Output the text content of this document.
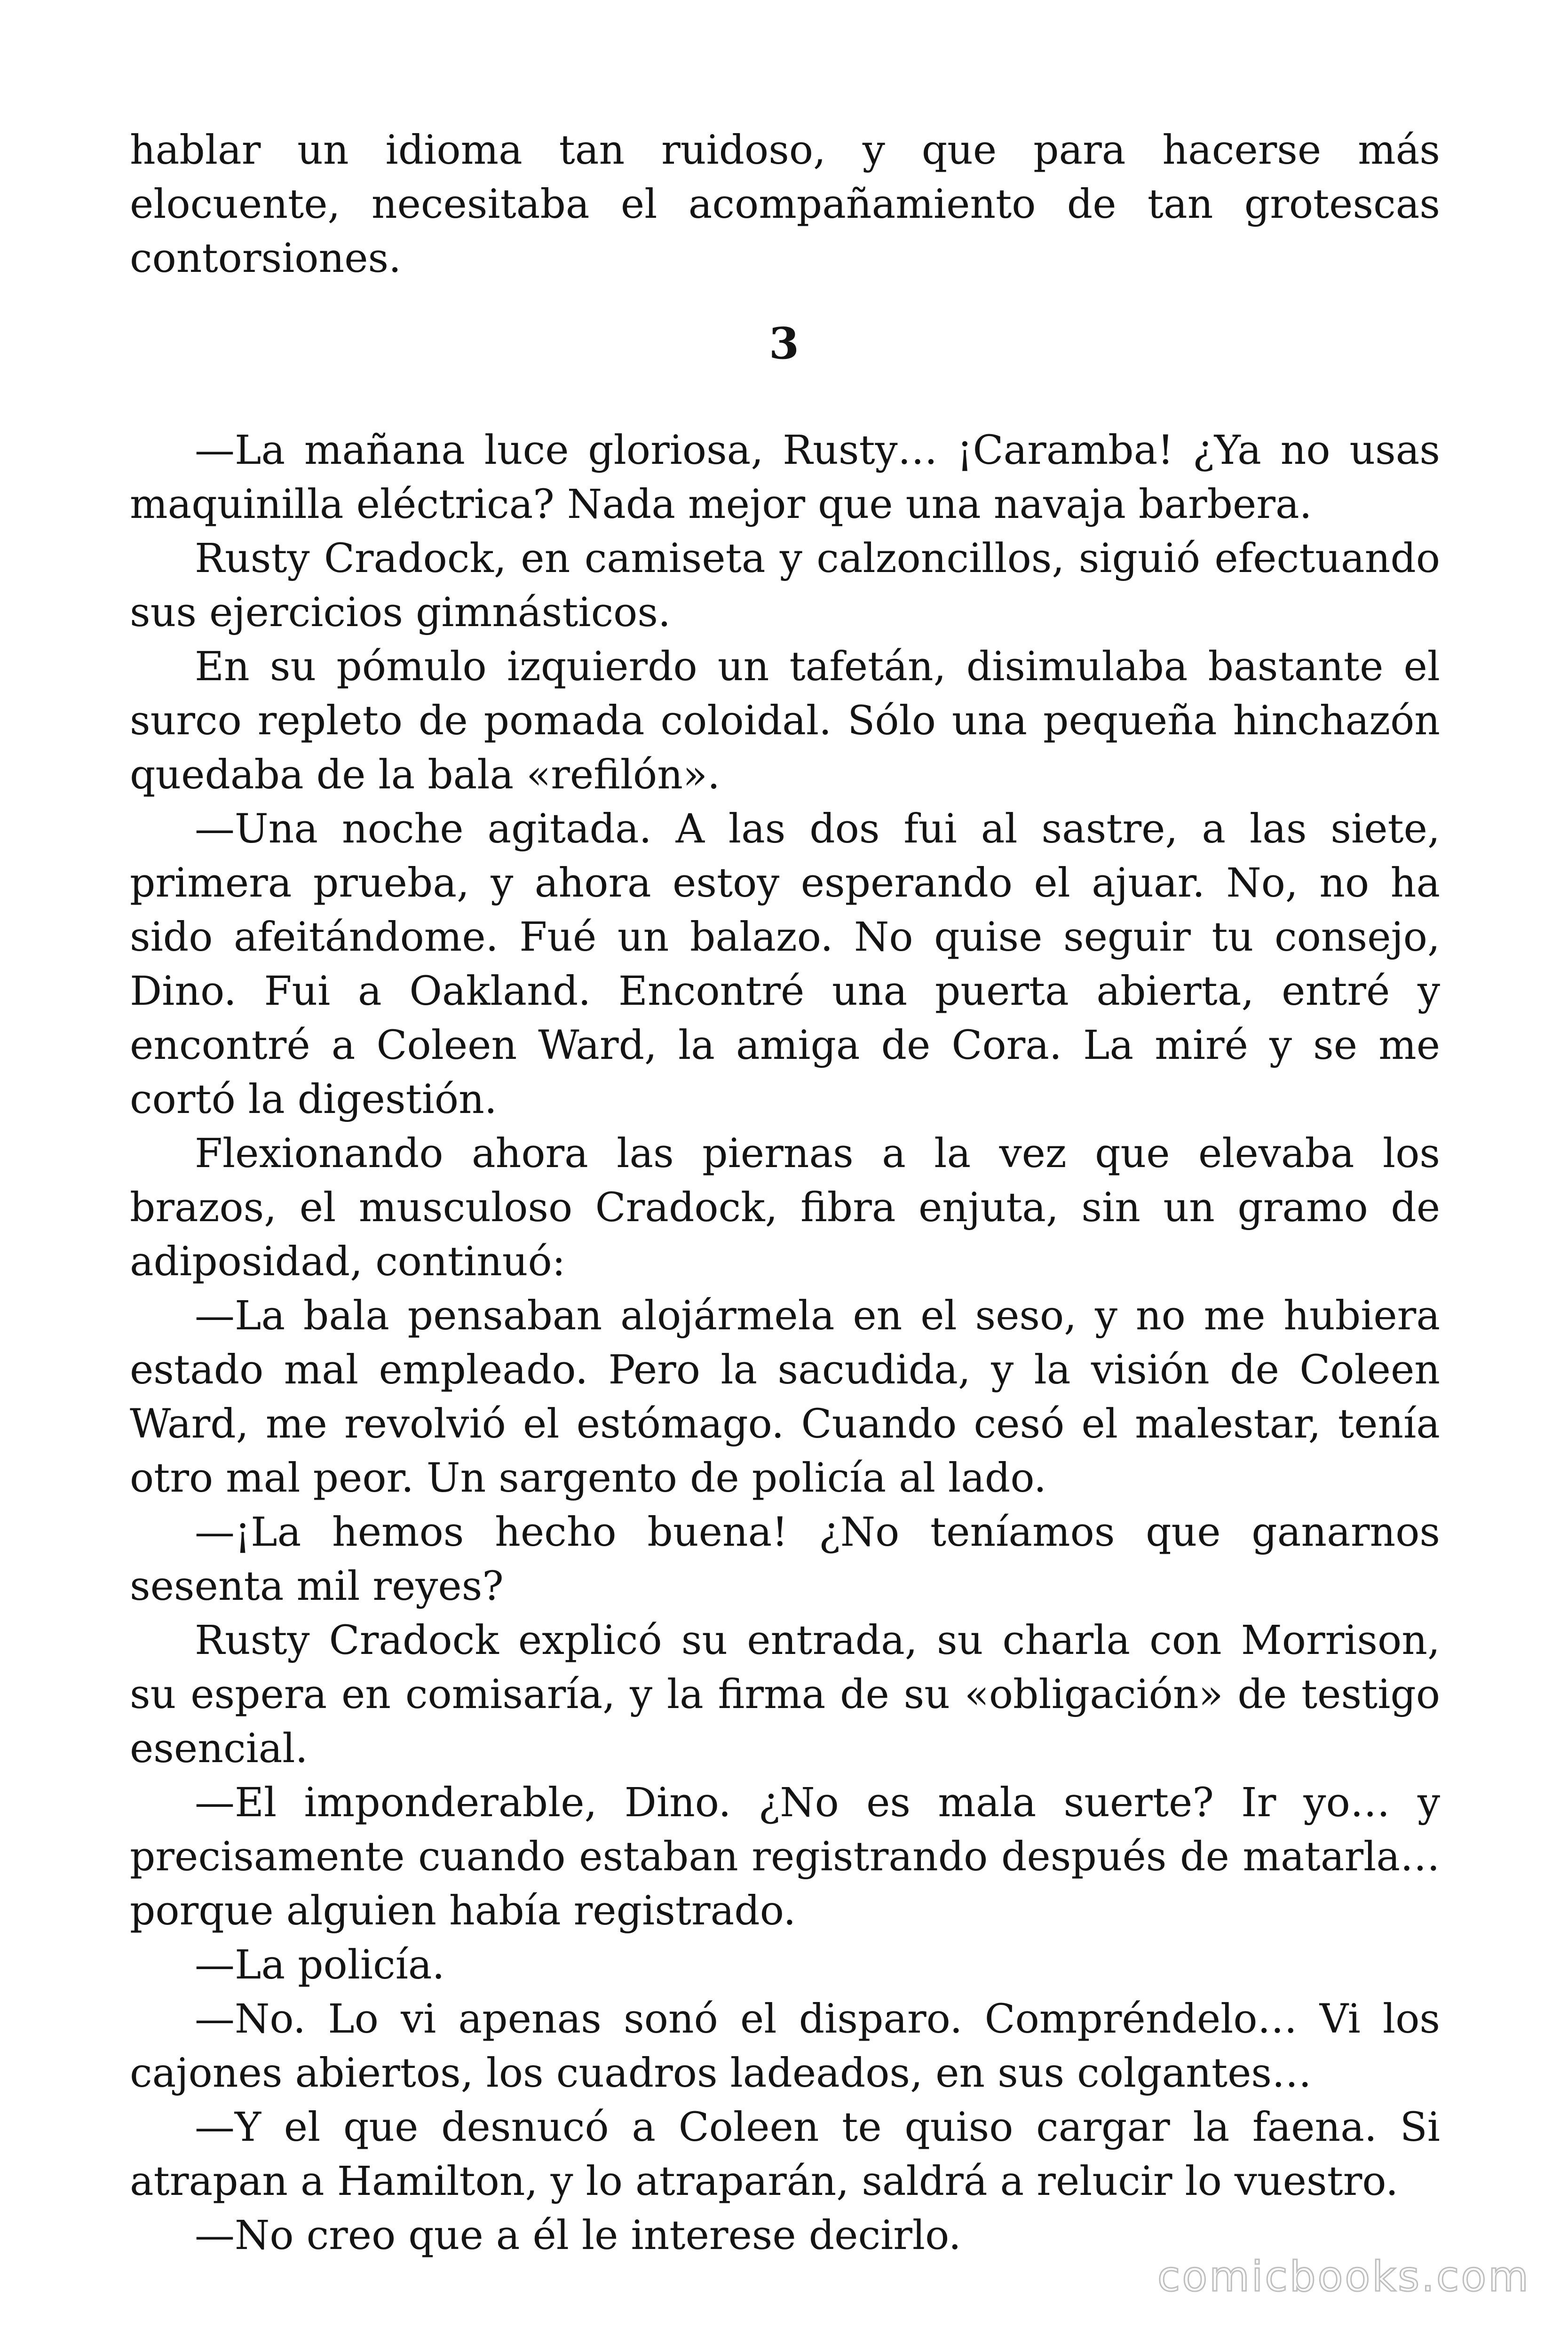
hablar un idioma tan ruidoso, y que para hacerse más elocuente, necesitaba el acompañamiento de tan grotescas contorsiones.

3

—La mañana luce gloriosa, Rusty… ¡Caramba! ¿Ya no usas maquinilla eléctrica? Nada mejor que una navaja barbera.

Rusty Cradock, en camiseta y calzoncillos, siguió efectuando sus ejercicios gimnásticos.

En su pómulo izquierdo un tafetán, disimulaba bastante el surco repleto de pomada coloidal. Sólo una pequeña hinchazón quedaba de la bala «refilón».

—Una noche agitada. A las dos fui al sastre, a las siete, primera prueba, y ahora estoy esperando el ajuar. No, no ha sido afeitándome. Fué un balazo. No quise seguir tu consejo, Dino. Fui a Oakland. Encontré una puerta abierta, entré y encontré a Coleen Ward, la amiga de Cora. La miré y se me cortó la digestión.

Flexionando ahora las piernas a la vez que elevaba los brazos, el musculoso Cradock, fibra enjuta, sin un gramo de adiposidad, continuó:

—La bala pensaban alojármela en el seso, y no me hubiera estado mal empleado. Pero la sacudida, y la visión de Coleen Ward, me revolvió el estómago. Cuando cesó el malestar, tenía otro mal peor. Un sargento de policía al lado.

—¡La hemos hecho buena! ¿No teníamos que ganarnos sesenta mil reyes?

Rusty Cradock explicó su entrada, su charla con Morrison, su espera en comisaría, y la firma de su «obligación» de testigo esencial.

—El imponderable, Dino. ¿No es mala suerte? Ir yo… y precisamente cuando estaban registrando después de matarla… porque alguien había registrado.

—La policía.

—No. Lo vi apenas sonó el disparo. Compréndelo… Vi los cajones abiertos, los cuadros ladeados, en sus colgantes…

—Y el que desnucó a Coleen te quiso cargar la faena. Si atrapan a Hamilton, y lo atraparán, saldrá a relucir lo vuestro.

—No creo que a él le interese decirlo.

comicbooks.com
